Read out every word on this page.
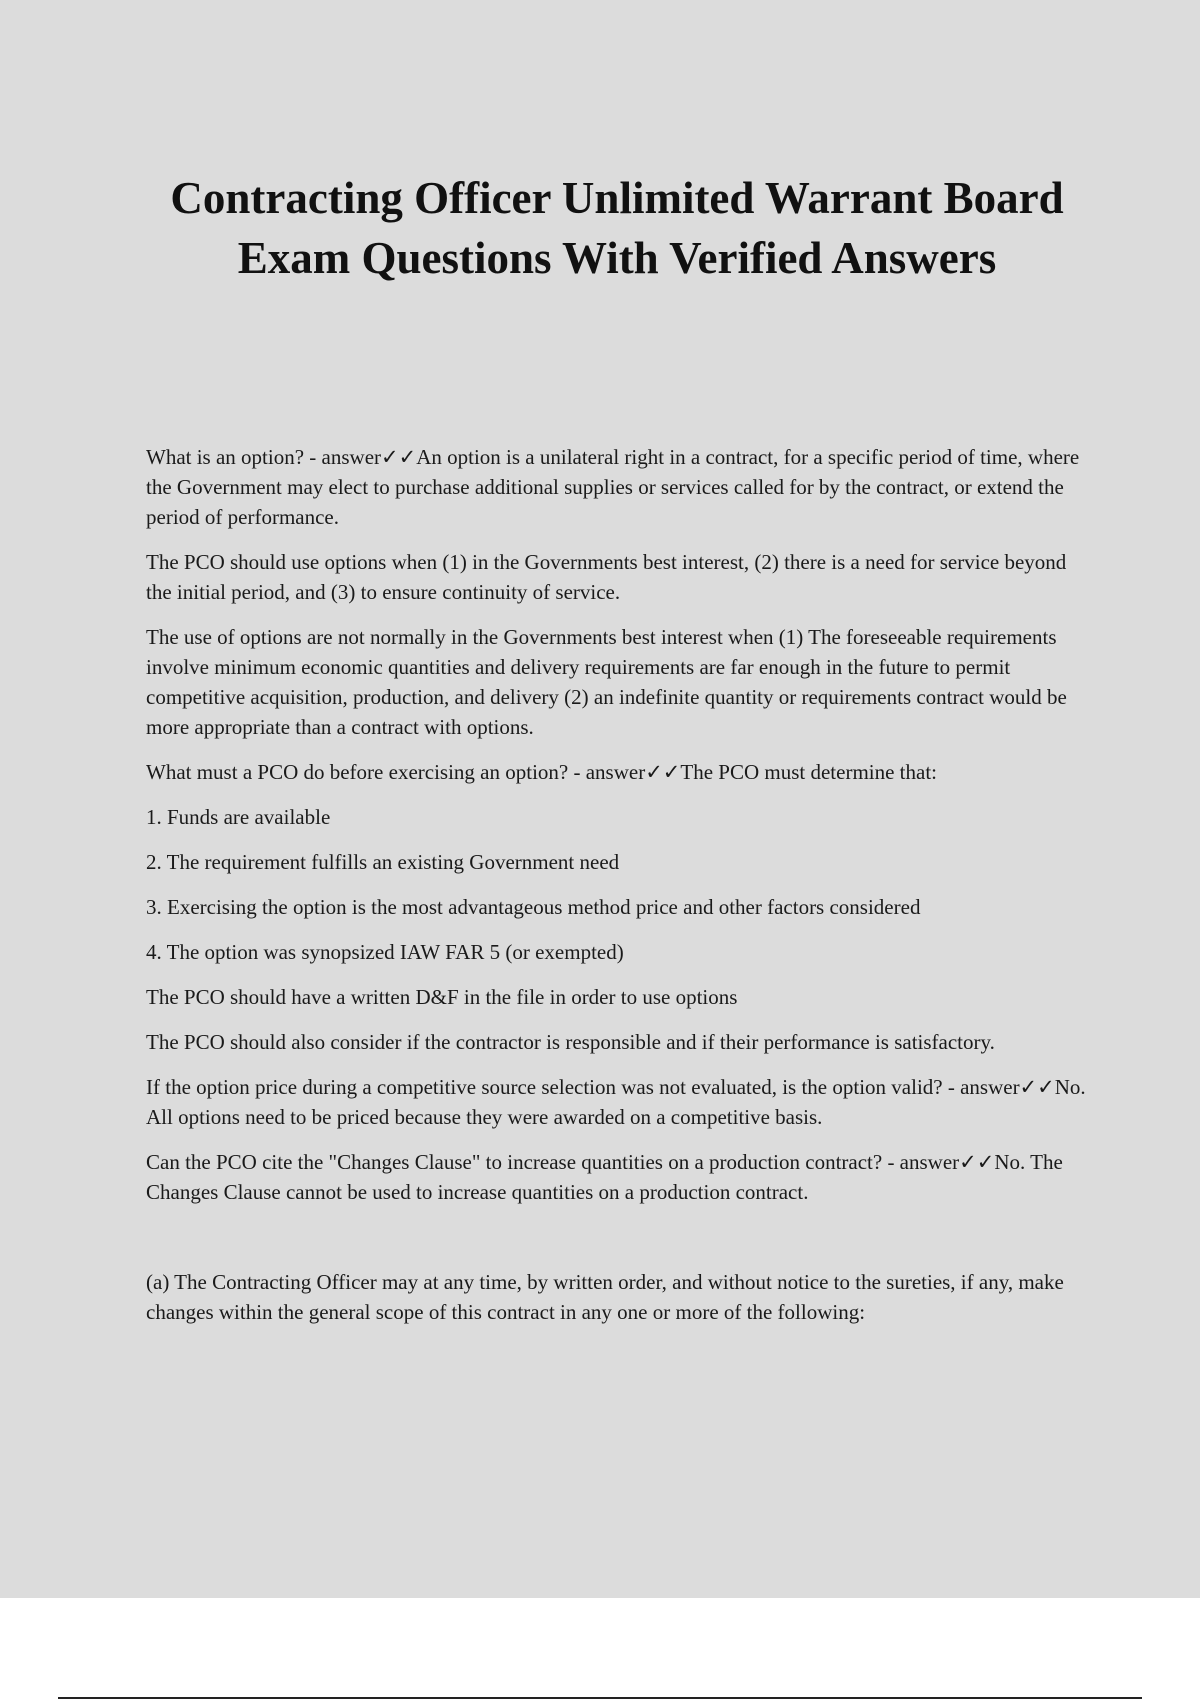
Contracting Officer Unlimited Warrant Board Exam Questions With Verified Answers

What is an option? - answer✓✓An option is a unilateral right in a contract, for a specific period of time, where the Government may elect to purchase additional supplies or services called for by the contract, or extend the period of performance.

The PCO should use options when (1) in the Governments best interest, (2) there is a need for service beyond the initial period, and (3) to ensure continuity of service.

The use of options are not normally in the Governments best interest when (1) The foreseeable requirements involve minimum economic quantities and delivery requirements are far enough in the future to permit competitive acquisition, production, and delivery (2) an indefinite quantity or requirements contract would be more appropriate than a contract with options.

What must a PCO do before exercising an option? - answer✓✓The PCO must determine that:

1. Funds are available

2. The requirement fulfills an existing Government need

3. Exercising the option is the most advantageous method price and other factors considered

4. The option was synopsized IAW FAR 5 (or exempted)

The PCO should have a written D&F in the file in order to use options

The PCO should also consider if the contractor is responsible and if their performance is satisfactory.

If the option price during a competitive source selection was not evaluated, is the option valid? - answer✓✓No. All options need to be priced because they were awarded on a competitive basis.

Can the PCO cite the "Changes Clause" to increase quantities on a production contract? - answer✓✓No. The Changes Clause cannot be used to increase quantities on a production contract.

(a) The Contracting Officer may at any time, by written order, and without notice to the sureties, if any, make changes within the general scope of this contract in any one or more of the following:
